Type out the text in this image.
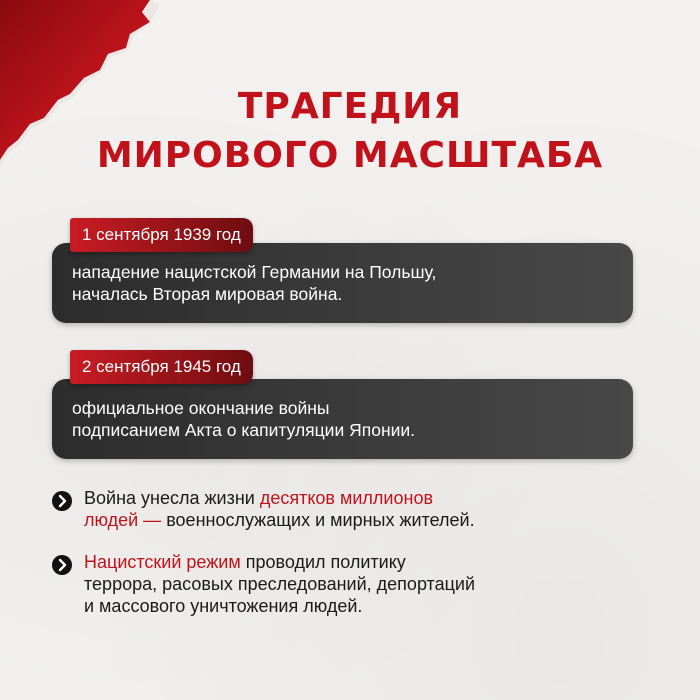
ТРАГЕДИЯ
МИРОВОГО МАСШТАБА
нападение нацистской Германии на Польшу,
началась Вторая мировая война.
1 сентября 1939 год
официальное окончание войны
подписанием Акта о капитуляции Японии.
2 сентября 1945 год
Война унесла жизни десятков миллионов
людей — военнослужащих и мирных жителей.
Нацистский режим проводил политику
террора, расовых преследований, депортаций
и массового уничтожения людей.
